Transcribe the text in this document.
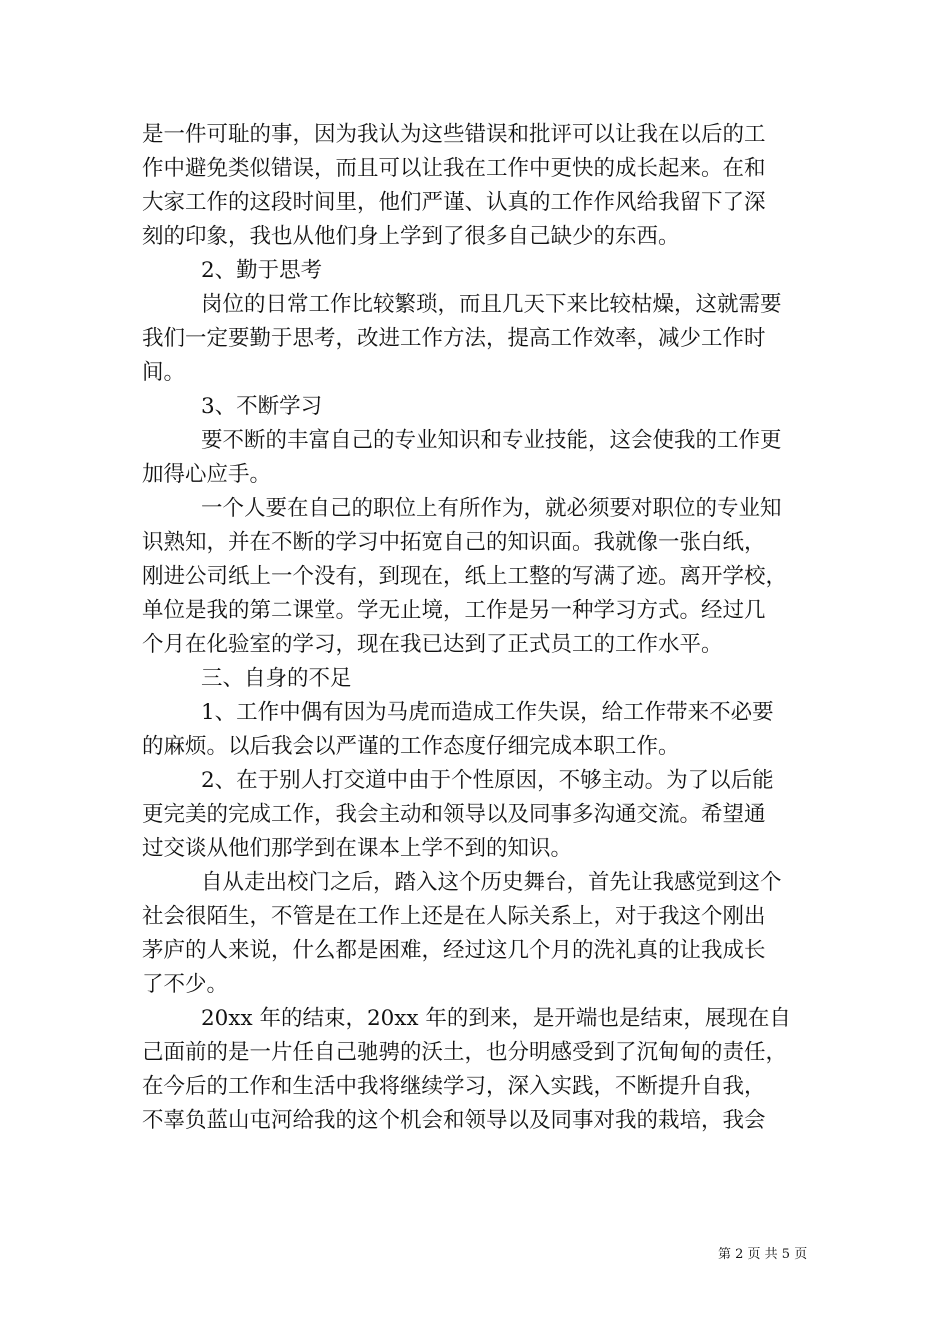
是一件可耻的事，因为我认为这些错误和批评可以让我在以后的工
作中避免类似错误，而且可以让我在工作中更快的成长起来。在和
大家工作的这段时间里，他们严谨、认真的工作作风给我留下了深
刻的印象，我也从他们身上学到了很多自己缺少的东西。
2、勤于思考
岗位的日常工作比较繁琐，而且几天下来比较枯燥，这就需要
我们一定要勤于思考，改进工作方法，提高工作效率，减少工作时
间。
3、不断学习
要不断的丰富自己的专业知识和专业技能，这会使我的工作更
加得心应手。
一个人要在自己的职位上有所作为，就必须要对职位的专业知
识熟知，并在不断的学习中拓宽自己的知识面。我就像一张白纸，
刚进公司纸上一个没有，到现在，纸上工整的写满了迹。离开学校，
单位是我的第二课堂。学无止境，工作是另一种学习方式。经过几
个月在化验室的学习，现在我已达到了正式员工的工作水平。
三、自身的不足
1、工作中偶有因为马虎而造成工作失误，给工作带来不必要
的麻烦。以后我会以严谨的工作态度仔细完成本职工作。
2、在于别人打交道中由于个性原因，不够主动。为了以后能
更完美的完成工作，我会主动和领导以及同事多沟通交流。希望通
过交谈从他们那学到在课本上学不到的知识。
自从走出校门之后，踏入这个历史舞台，首先让我感觉到这个
社会很陌生，不管是在工作上还是在人际关系上，对于我这个刚出
茅庐的人来说，什么都是困难，经过这几个月的洗礼真的让我成长
了不少。
20xx 年的结束，20xx 年的到来，是开端也是结束，展现在自
己面前的是一片任自己驰骋的沃土，也分明感受到了沉甸甸的责任，
在今后的工作和生活中我将继续学习，深入实践，不断提升自我，
不辜负蓝山屯河给我的这个机会和领导以及同事对我的栽培，我会
第 2 页 共 5 页
